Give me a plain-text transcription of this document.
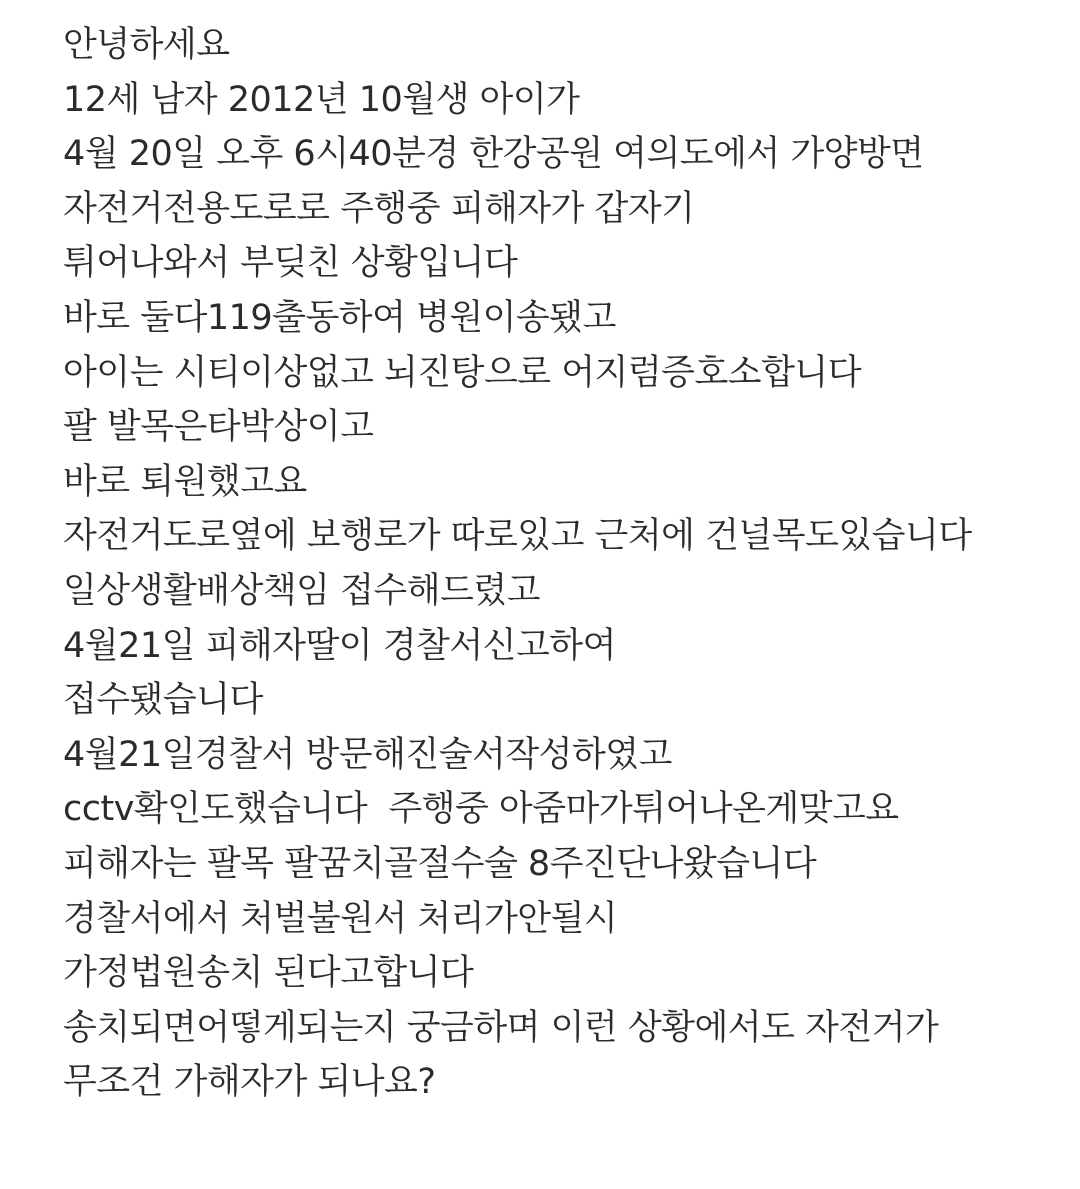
안녕하세요
12세 남자 2012년 10월생 아이가
4월 20일 오후 6시40분경 한강공원 여의도에서 가양방면
자전거전용도로로 주행중 피해자가 갑자기
튀어나와서 부딪친 상황입니다
바로 둘다119출동하여 병원이송됐고
아이는 시티이상없고 뇌진탕으로 어지럼증호소합니다
팔 발목은타박상이고
바로 퇴원했고요
자전거도로옆에 보행로가 따로있고 근처에 건널목도있습니다
일상생활배상책임 접수해드렸고
4월21일 피해자딸이 경찰서신고하여
접수됐습니다
4월21일경찰서 방문해진술서작성하였고
cctv확인도했습니다  주행중 아줌마가튀어나온게맞고요
피해자는 팔목 팔꿈치골절수술 8주진단나왔습니다
경찰서에서 처벌불원서 처리가안될시
가정법원송치 된다고합니다
송치되면어떻게되는지 궁금하며 이런 상황에서도 자전거가
무조건 가해자가 되나요?
